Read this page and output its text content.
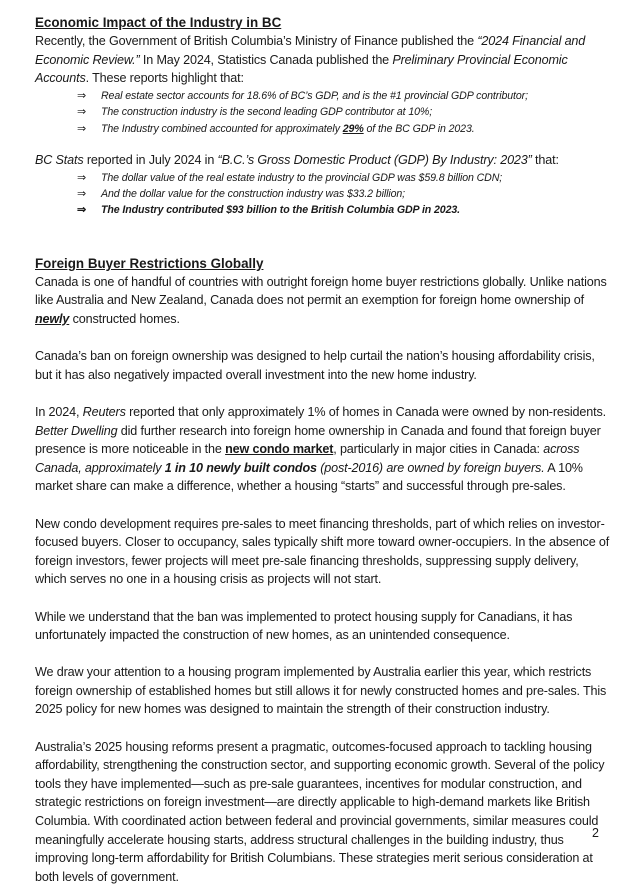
Economic Impact of the Industry in BC

Recently, the Government of British Columbia’s Ministry of Finance published the “2024 Financial and Economic Review.” In May 2024, Statistics Canada published the Preliminary Provincial Economic Accounts. These reports highlight that:

⇒ Real estate sector accounts for 18.6% of BC’s GDP, and is the #1 provincial GDP contributor;
⇒ The construction industry is the second leading GDP contributor at 10%;
⇒ The Industry combined accounted for approximately 29% of the BC GDP in 2023.

BC Stats reported in July 2024 in “B.C.’s Gross Domestic Product (GDP) By Industry: 2023” that:

⇒ The dollar value of the real estate industry to the provincial GDP was $59.8 billion CDN;
⇒ And the dollar value for the construction industry was $33.2 billion;
⇒ The Industry contributed $93 billion to the British Columbia GDP in 2023.
Foreign Buyer Restrictions Globally

Canada is one of handful of countries with outright foreign home buyer restrictions globally. Unlike nations like Australia and New Zealand, Canada does not permit an exemption for foreign home ownership of newly constructed homes.

Canada’s ban on foreign ownership was designed to help curtail the nation’s housing affordability crisis, but it has also negatively impacted overall investment into the new home industry.

In 2024, Reuters reported that only approximately 1% of homes in Canada were owned by non-residents. Better Dwelling did further research into foreign home ownership in Canada and found that foreign buyer presence is more noticeable in the new condo market, particularly in major cities in Canada: across Canada, approximately 1 in 10 newly built condos (post-2016) are owned by foreign buyers. A 10% market share can make a difference, whether a housing “starts” and successful through pre-sales.

New condo development requires pre-sales to meet financing thresholds, part of which relies on investor-focused buyers. Closer to occupancy, sales typically shift more toward owner-occupiers. In the absence of foreign investors, fewer projects will meet pre-sale financing thresholds, suppressing supply delivery, which serves no one in a housing crisis as projects will not start.

While we understand that the ban was implemented to protect housing supply for Canadians, it has unfortunately impacted the construction of new homes, as an unintended consequence.

We draw your attention to a housing program implemented by Australia earlier this year, which restricts foreign ownership of established homes but still allows it for newly constructed homes and pre-sales. This 2025 policy for new homes was designed to maintain the strength of their construction industry.

Australia’s 2025 housing reforms present a pragmatic, outcomes-focused approach to tackling housing affordability, strengthening the construction sector, and supporting economic growth. Several of the policy tools they have implemented—such as pre-sale guarantees, incentives for modular construction, and strategic restrictions on foreign investment—are directly applicable to high-demand markets like British Columbia. With coordinated action between federal and provincial governments, similar measures could meaningfully accelerate housing starts, address structural challenges in the building industry, thus improving long-term affordability for British Columbians. These strategies merit serious consideration at both levels of government.

2
